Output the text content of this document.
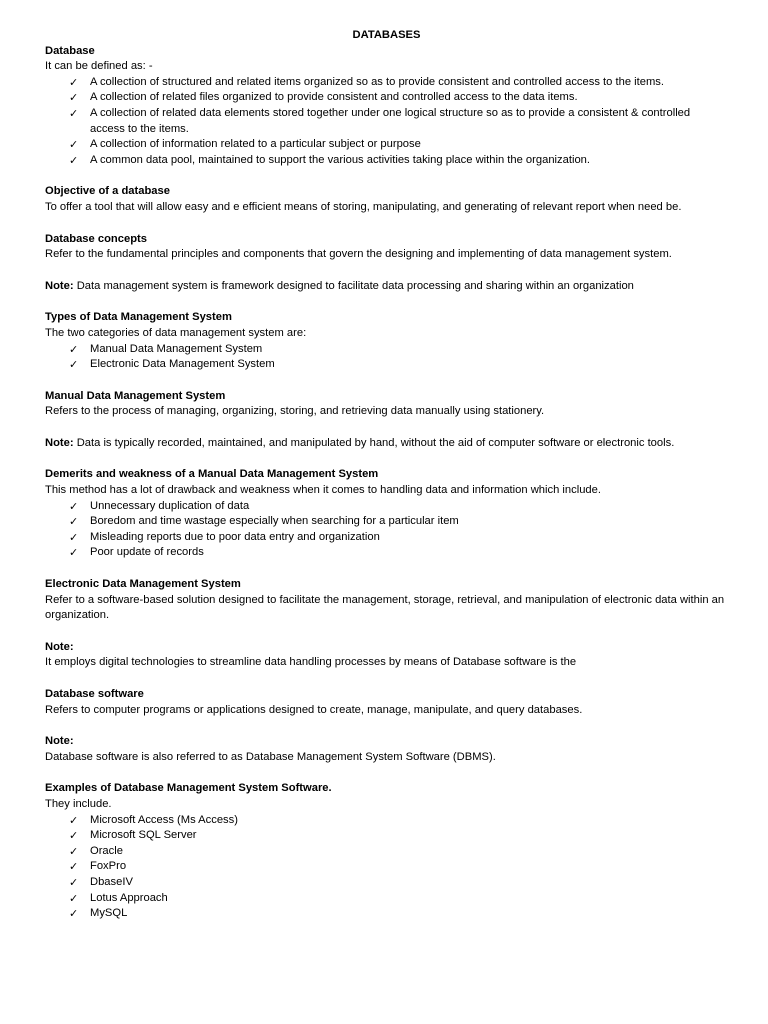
DATABASES
Database

It can be defined as: -

✓ A collection of structured and related items organized so as to provide consistent and controlled access to the items.
✓ A collection of related files organized to provide consistent and controlled access to the data items.
✓ A collection of related data elements stored together under one logical structure so as to provide a consistent & controlled access to the items.
✓ A collection of information related to a particular subject or purpose
✓ A common data pool, maintained to support the various activities taking place within the organization.
Objective of a database

To offer a tool that will allow easy and e efficient means of storing, manipulating, and generating of relevant report when need be.

Database concepts

Refer to the fundamental principles and components that govern the designing and implementing of data management system.

Note: Data management system is framework designed to facilitate data processing and sharing within an organization

Types of Data Management System

The two categories of data management system are:

✓ Manual Data Management System
✓ Electronic Data Management System
Manual Data Management System

Refers to the process of managing, organizing, storing, and retrieving data manually using stationery.

Note: Data is typically recorded, maintained, and manipulated by hand, without the aid of computer software or electronic tools.

Demerits and weakness of a Manual Data Management System

This method has a lot of drawback and weakness when it comes to handling data and information which include.

✓ Unnecessary duplication of data
✓ Boredom and time wastage especially when searching for a particular item
✓ Misleading reports due to poor data entry and organization
✓ Poor update of records
Electronic Data Management System

Refer to a software-based solution designed to facilitate the management, storage, retrieval, and manipulation of electronic data within an organization.

Note:

It employs digital technologies to streamline data handling processes by means of Database software is the

Database software

Refers to computer programs or applications designed to create, manage, manipulate, and query databases.

Note:

Database software is also referred to as Database Management System Software (DBMS).

Examples of Database Management System Software.

They include.

✓ Microsoft Access (Ms Access)
✓ Microsoft SQL Server
✓ Oracle
✓ FoxPro
✓ DbaseIV
✓ Lotus Approach
✓ MySQL
